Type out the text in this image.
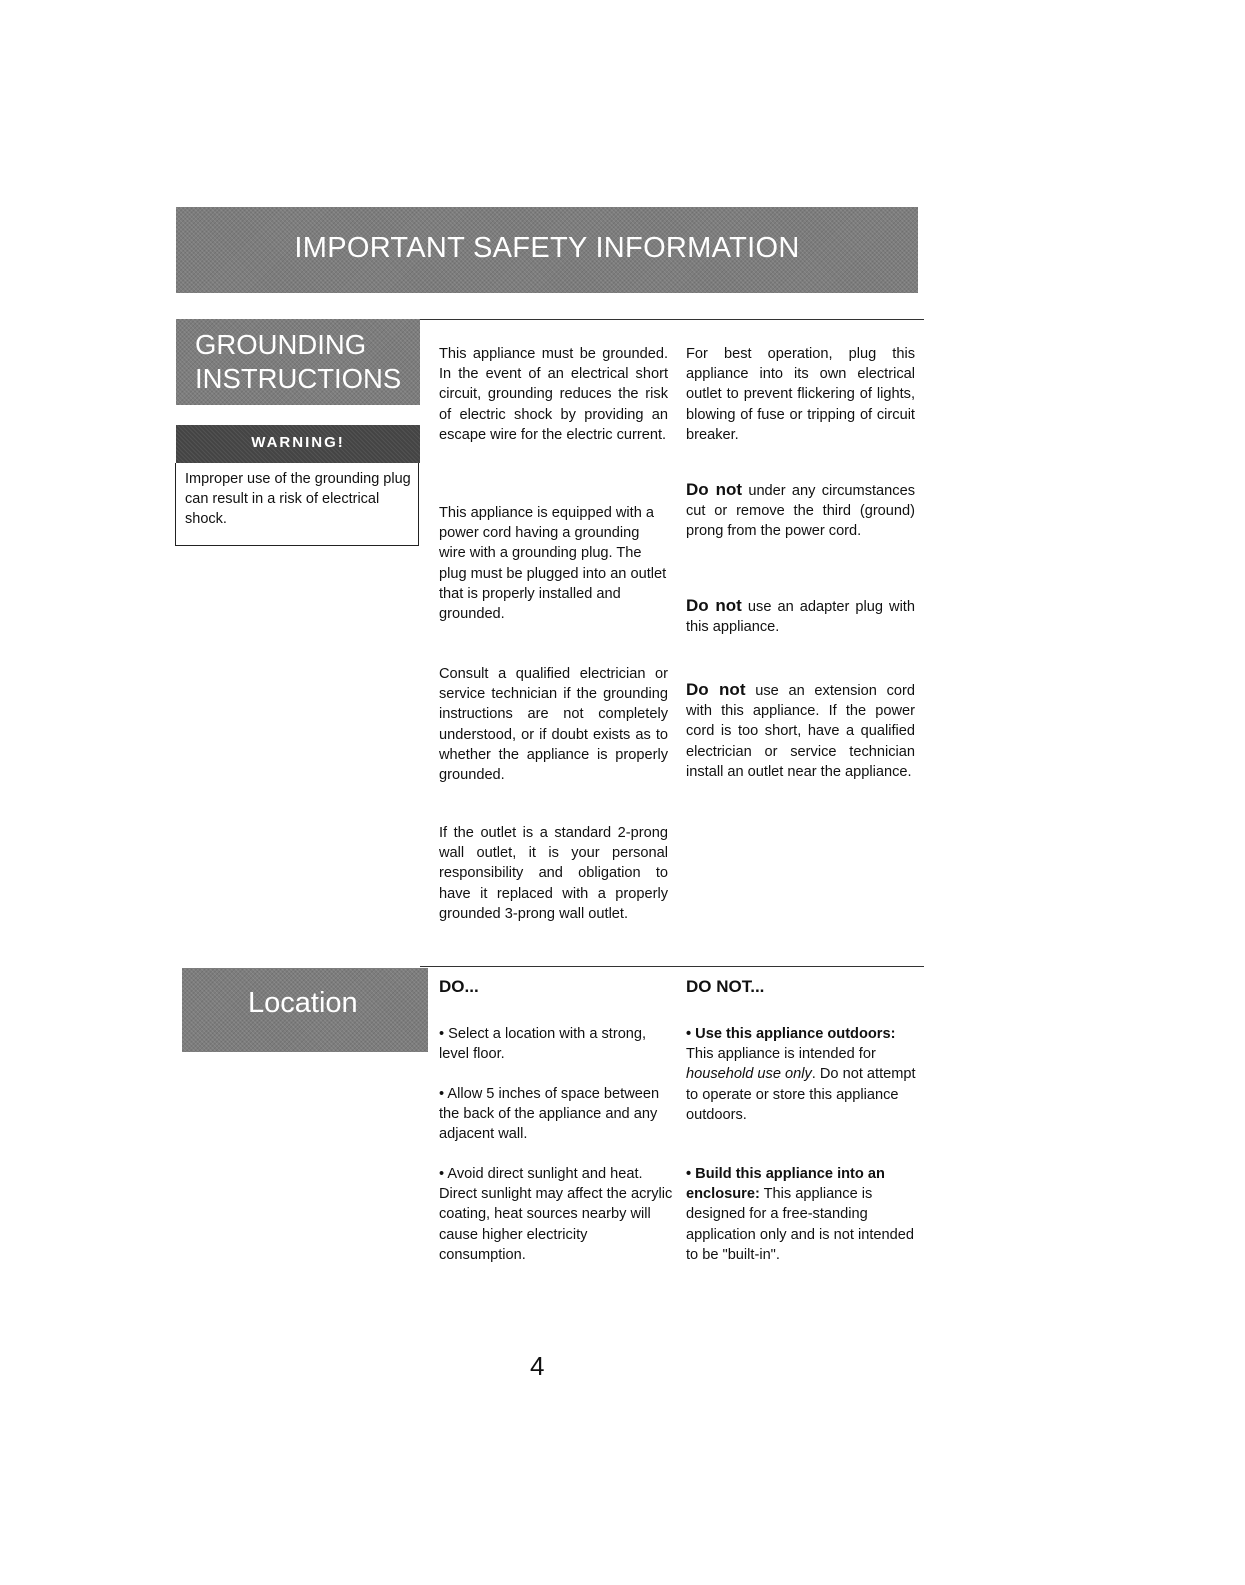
IMPORTANT SAFETY INFORMATION
GROUNDING
INSTRUCTIONS
WARNING!
Improper use of the grounding plug can result in a risk of electrical shock.

This appliance must be grounded. In the event of an electrical short circuit, grounding reduces the risk of electric shock by providing an escape wire for the electric current.

This appliance is equipped with a power cord having a grounding wire with a grounding plug. The plug must be plugged into an outlet that is properly installed and grounded.

Consult a qualified electrician or service technician if the grounding instructions are not completely understood, or if doubt exists as to whether the appliance is properly grounded.

If the outlet is a standard 2-prong wall outlet, it is your personal responsibility and obligation to have it replaced with a properly grounded 3-prong wall outlet.

For best operation, plug this appliance into its own electrical outlet to prevent flickering of lights, blowing of fuse or tripping of circuit breaker.

Do not under any circumstances cut or remove the third (ground) prong from the power cord.

Do not use an adapter plug with this appliance.

Do not use an extension cord with this appliance. If the power cord is too short, have a qualified electrician or service technician install an outlet near the appliance.

Location
DO...
• Select a location with a strong, level floor.
• Allow 5 inches of space between the back of the appliance and any adjacent wall.
• Avoid direct sunlight and heat. Direct sunlight may affect the acrylic coating, heat sources nearby will cause higher electricity consumption.
DO NOT...
• Use this appliance outdoors: This appliance is intended for household use only. Do not attempt to operate or store this appliance outdoors.
• Build this appliance into an enclosure: This appliance is designed for a free-standing application only and is not intended to be "built-in".
4
